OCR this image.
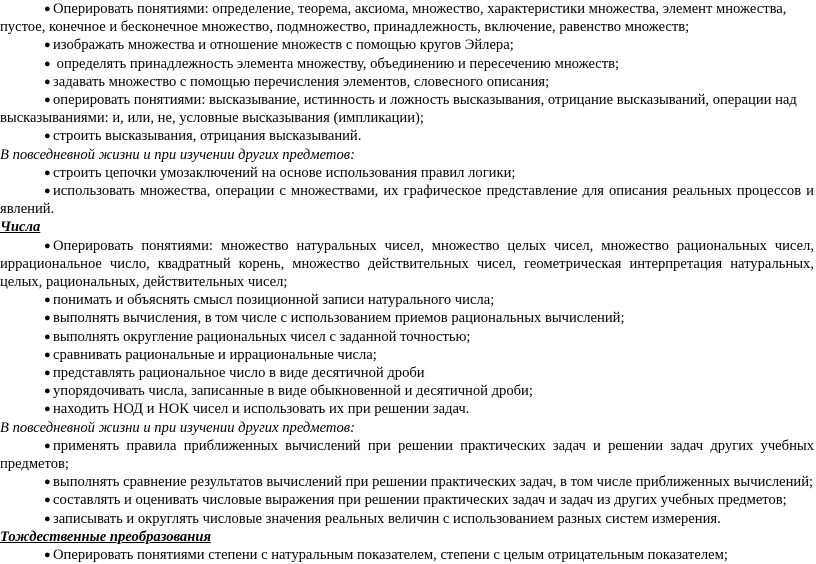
● Оперировать понятиями: определение, теорема, аксиома, множество, характеристики множества, элемент множества, пустое, конечное и бесконечное множество, подмножество, принадлежность, включение, равенство множеств;

● изображать множества и отношение множеств с помощью кругов Эйлера;

● определять принадлежность элемента множеству, объединению и пересечению множеств;

● задавать множество с помощью перечисления элементов, словесного описания;

● оперировать понятиями: высказывание, истинность и ложность высказывания, отрицание высказываний, операции над высказываниями: и, или, не, условные высказывания (импликации);

● строить высказывания, отрицания высказываний.

В повседневной жизни и при изучении других предметов:

● строить цепочки умозаключений на основе использования правил логики;

● использовать множества, операции с множествами, их графическое представление для описания реальных процессов и явлений.

Числа

● Оперировать понятиями: множество натуральных чисел, множество целых чисел, множество рациональных чисел, иррациональное число, квадратный корень, множество действительных чисел, геометрическая интерпретация натуральных, целых, рациональных, действительных чисел;

● понимать и объяснять смысл позиционной записи натурального числа;

● выполнять вычисления, в том числе с использованием приемов рациональных вычислений;

● выполнять округление рациональных чисел с заданной точностью;

● сравнивать рациональные и иррациональные числа;

● представлять рациональное число в виде десятичной дроби

● упорядочивать числа, записанные в виде обыкновенной и десятичной дроби;

● находить НОД и НОК чисел и использовать их при решении задач.

В повседневной жизни и при изучении других предметов:

● применять правила приближенных вычислений при решении практических задач и решении задач других учебных предметов;

● выполнять сравнение результатов вычислений при решении практических задач, в том числе приближенных вычислений;

● составлять и оценивать числовые выражения при решении практических задач и задач из других учебных предметов;

● записывать и округлять числовые значения реальных величин с использованием разных систем измерения.

Тождественные преобразования

● Оперировать понятиями степени с натуральным показателем, степени с целым отрицательным показателем;
